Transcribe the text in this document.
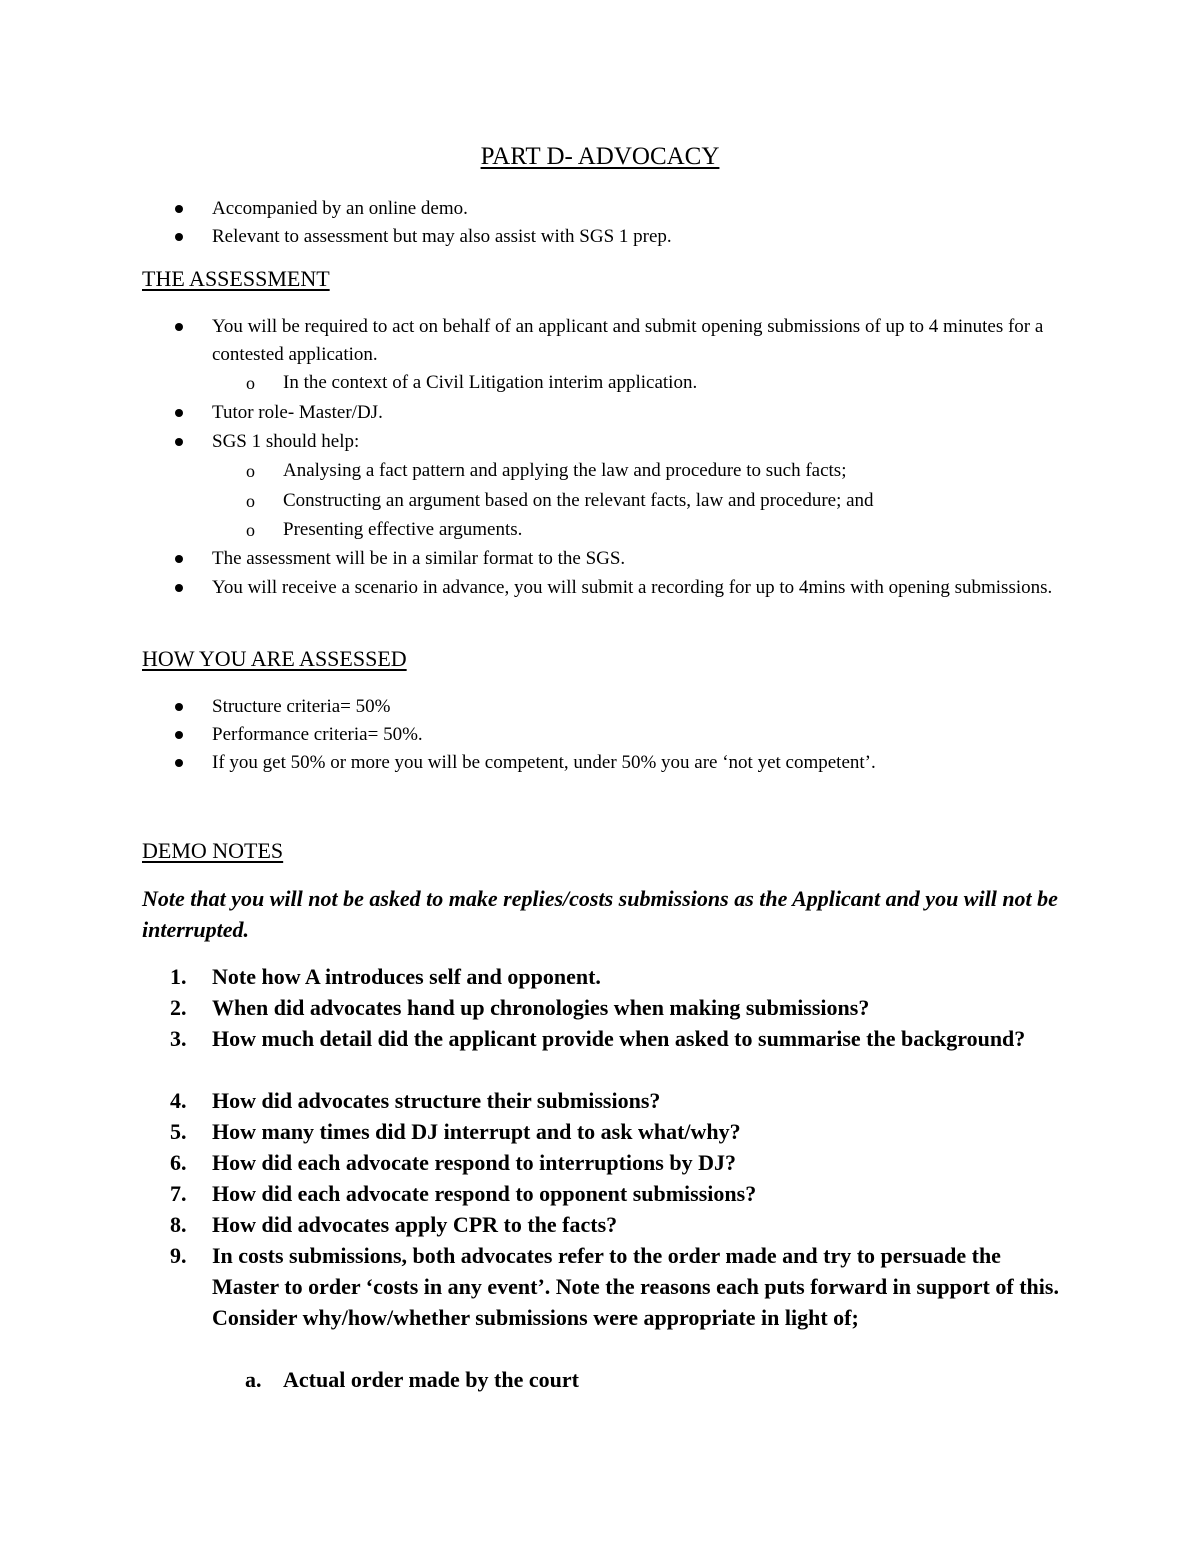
PART D- ADVOCACY
Accompanied by an online demo.
Relevant to assessment but may also assist with SGS 1 prep.
THE ASSESSMENT
You will be required to act on behalf of an applicant and submit opening submissions of up to 4 minutes for a contested application.
o In the context of a Civil Litigation interim application.
Tutor role- Master/DJ.
SGS 1 should help:
o Analysing a fact pattern and applying the law and procedure to such facts;
o Constructing an argument based on the relevant facts, law and procedure; and
o Presenting effective arguments.
The assessment will be in a similar format to the SGS.
You will receive a scenario in advance, you will submit a recording for up to 4mins with opening submissions.
HOW YOU ARE ASSESSED
Structure criteria= 50%
Performance criteria= 50%.
If you get 50% or more you will be competent, under 50% you are ‘not yet competent’.
DEMO NOTES
Note that you will not be asked to make replies/costs submissions as the Applicant and you will not be interrupted.
1. Note how A introduces self and opponent.
2. When did advocates hand up chronologies when making submissions?
3. How much detail did the applicant provide when asked to summarise the background?
4. How did advocates structure their submissions?
5. How many times did DJ interrupt and to ask what/why?
6. How did each advocate respond to interruptions by DJ?
7. How did each advocate respond to opponent submissions?
8. How did advocates apply CPR to the facts?
9. In costs submissions, both advocates refer to the order made and try to persuade the Master to order ‘costs in any event’. Note the reasons each puts forward in support of this. Consider why/how/whether submissions were appropriate in light of;
a. Actual order made by the court
